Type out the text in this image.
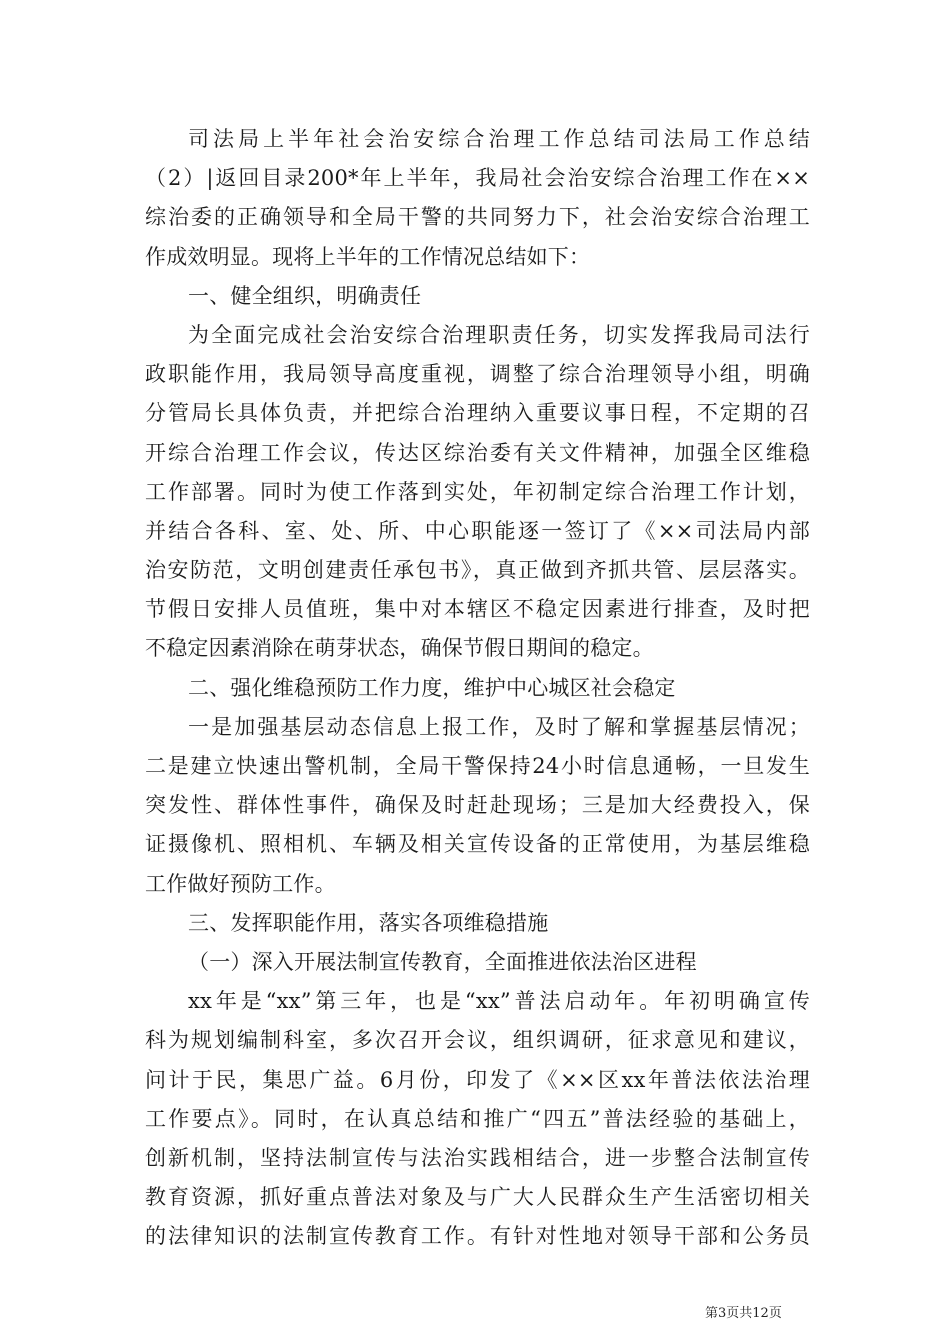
司法局上半年社会治安综合治理工作总结司法局工作总结
（2）|返回目录200*年上半年，我局社会治安综合治理工作在××
综治委的正确领导和全局干警的共同努力下，社会治安综合治理工
作成效明显。现将上半年的工作情况总结如下：
一、健全组织，明确责任
为全面完成社会治安综合治理职责任务，切实发挥我局司法行
政职能作用，我局领导高度重视，调整了综合治理领导小组，明确
分管局长具体负责，并把综合治理纳入重要议事日程，不定期的召
开综合治理工作会议，传达区综治委有关文件精神，加强全区维稳
工作部署。同时为使工作落到实处，年初制定综合治理工作计划，
并结合各科、室、处、所、中心职能逐一签订了《××司法局内部
治安防范，文明创建责任承包书》，真正做到齐抓共管、层层落实。
节假日安排人员值班，集中对本辖区不稳定因素进行排查，及时把
不稳定因素消除在萌芽状态，确保节假日期间的稳定。
二、强化维稳预防工作力度，维护中心城区社会稳定
一是加强基层动态信息上报工作，及时了解和掌握基层情况；
二是建立快速出警机制，全局干警保持24小时信息通畅，一旦发生
突发性、群体性事件，确保及时赶赴现场；三是加大经费投入，保
证摄像机、照相机、车辆及相关宣传设备的正常使用，为基层维稳
工作做好预防工作。
三、发挥职能作用，落实各项维稳措施
（一）深入开展法制宣传教育，全面推进依法治区进程
xx年是“xx”第三年，也是“xx”普法启动年。年初明确宣传
科为规划编制科室，多次召开会议，组织调研，征求意见和建议，
问计于民，集思广益。6月份，印发了《××区xx年普法依法治理
工作要点》。同时，在认真总结和推广“四五”普法经验的基础上，
创新机制，坚持法制宣传与法治实践相结合，进一步整合法制宣传
教育资源，抓好重点普法对象及与广大人民群众生产生活密切相关
的法律知识的法制宣传教育工作。有针对性地对领导干部和公务员
第3页共12页
